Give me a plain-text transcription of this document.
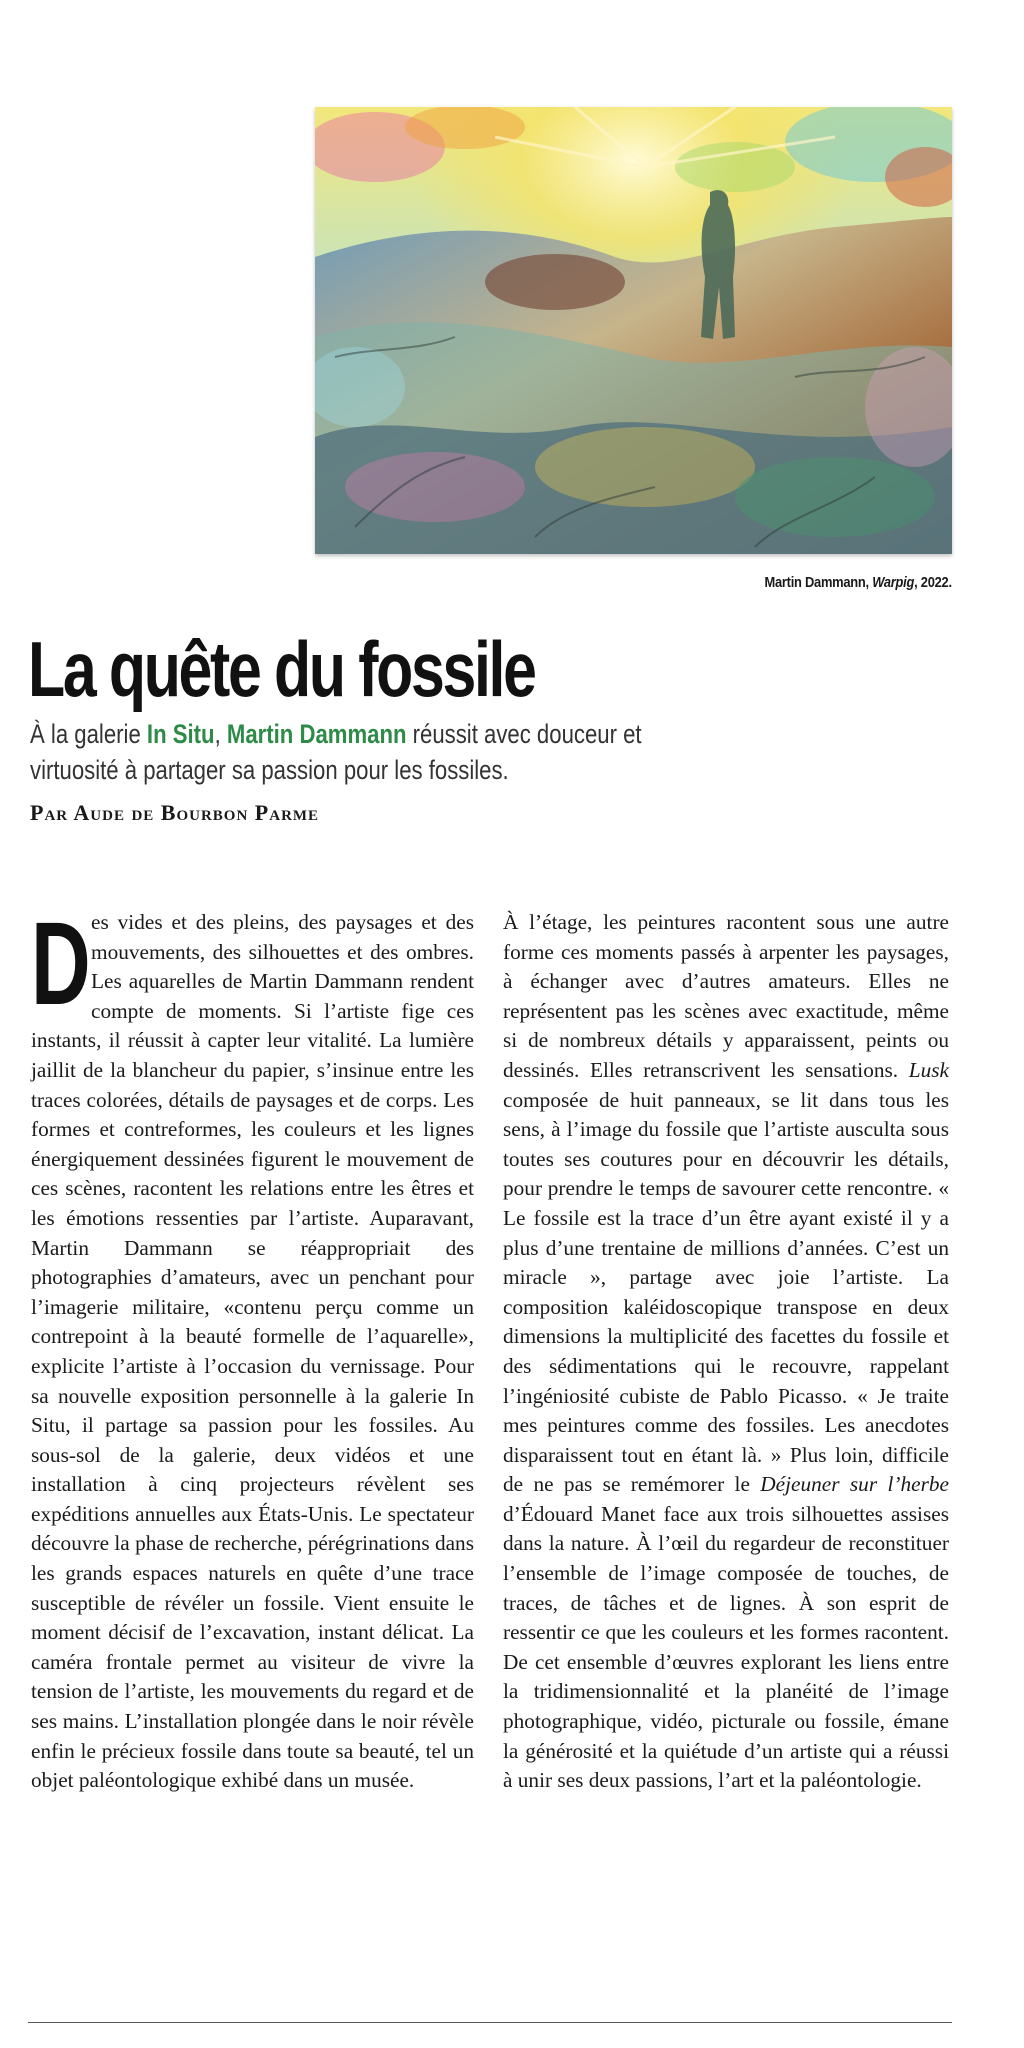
Martin Dammann, Warpig, 2022.
La quête du fossile

À la galerie In Situ, Martin Dammann réussit avec douceur et virtuosité à partager sa passion pour les fossiles.

Par Aude de Bourbon Parme

Des vides et des pleins, des paysages et des mouvements, des silhouettes et des ombres. Les aquarelles de Martin Dammann rendent compte de moments. Si l’artiste fige ces instants, il réussit à capter leur vitalité. La lumière jaillit de la blancheur du papier, s’insinue entre les traces colorées, détails de paysages et de corps. Les formes et contreformes, les couleurs et les lignes énergiquement dessinées figurent le mouvement de ces scènes, racontent les relations entre les êtres et les émotions ressenties par l’artiste. Auparavant, Martin Dammann se réappropriait des photographies d’amateurs, avec un penchant pour l’imagerie militaire, «contenu perçu comme un contrepoint à la beauté formelle de l’aquarelle», explicite l’artiste à l’occasion du vernissage. Pour sa nouvelle exposition personnelle à la galerie In Situ, il partage sa passion pour les fossiles. Au sous-sol de la galerie, deux vidéos et une installation à cinq projecteurs révèlent ses expéditions annuelles aux États-Unis. Le spectateur découvre la phase de recherche, pérégrinations dans les grands espaces naturels en quête d’une trace susceptible de révéler un fossile. Vient ensuite le moment décisif de l’excavation, instant délicat. La caméra frontale permet au visiteur de vivre la tension de l’artiste, les mouvements du regard et de ses mains. L’installation plongée dans le noir révèle enfin le précieux fossile dans toute sa beauté, tel un objet paléontologique exhibé dans un musée.

À l’étage, les peintures racontent sous une autre forme ces moments passés à arpenter les paysages, à échanger avec d’autres amateurs. Elles ne représentent pas les scènes avec exactitude, même si de nombreux détails y apparaissent, peints ou dessinés. Elles retranscrivent les sensations. Lusk composée de huit panneaux, se lit dans tous les sens, à l’image du fossile que l’artiste ausculta sous toutes ses coutures pour en découvrir les détails, pour prendre le temps de savourer cette rencontre. « Le fossile est la trace d’un être ayant existé il y a plus d’une trentaine de millions d’années. C’est un miracle », partage avec joie l’artiste. La composition kaléidoscopique transpose en deux dimensions la multiplicité des facettes du fossile et des sédimentations qui le recouvre, rappelant l’ingéniosité cubiste de Pablo Picasso. « Je traite mes peintures comme des fossiles. Les anecdotes disparaissent tout en étant là. » Plus loin, difficile de ne pas se remémorer le Déjeuner sur l’herbe d’Édouard Manet face aux trois silhouettes assises dans la nature. À l’œil du regardeur de reconstituer l’ensemble de l’image composée de touches, de traces, de tâches et de lignes. À son esprit de ressentir ce que les couleurs et les formes racontent. De cet ensemble d’œuvres explorant les liens entre la tridimensionnalité et la planéité de l’image photographique, vidéo, picturale ou fossile, émane la générosité et la quiétude d’un artiste qui a réussi à unir ses deux passions, l’art et la paléontologie.
